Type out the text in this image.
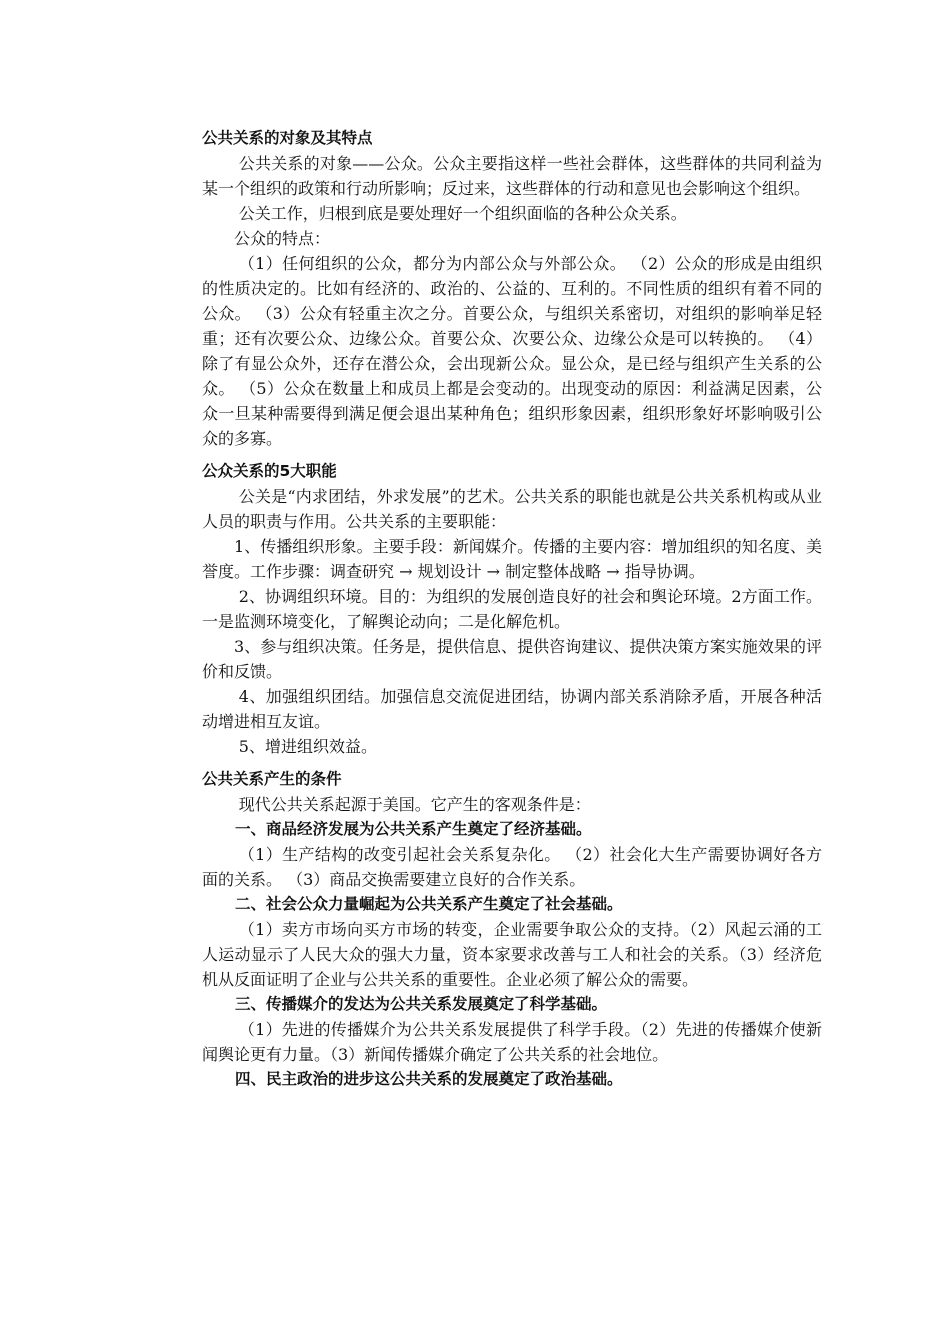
公共关系的对象及其特点

公共关系的对象——公众。公众主要指这样一些社会群体，这些群体的共同利益为某一个组织的政策和行动所影响；反过来，这些群体的行动和意见也会影响这个组织。

公关工作，归根到底是要处理好一个组织面临的各种公众关系。

公众的特点：

（1）任何组织的公众，都分为内部公众与外部公众。 （2）公众的形成是由组织的性质决定的。比如有经济的、政治的、公益的、互利的。不同性质的组织有着不同的公众。 （3）公众有轻重主次之分。首要公众，与组织关系密切，对组织的影响举足轻重；还有次要公众、边缘公众。首要公众、次要公众、边缘公众是可以转换的。 （4）除了有显公众外，还存在潜公众，会出现新公众。显公众，是已经与组织产生关系的公众。 （5）公众在数量上和成员上都是会变动的。出现变动的原因：利益满足因素，公众一旦某种需要得到满足便会退出某种角色；组织形象因素，组织形象好坏影响吸引公众的多寡。

公众关系的5大职能

公关是“内求团结，外求发展”的艺术。公共关系的职能也就是公共关系机构或从业人员的职责与作用。公共关系的主要职能：

1、传播组织形象。主要手段：新闻媒介。传播的主要内容：增加组织的知名度、美誉度。工作步骤：调查研究 → 规划设计 → 制定整体战略 → 指导协调。

2、协调组织环境。目的：为组织的发展创造良好的社会和舆论环境。2方面工作。一是监测环境变化，了解舆论动向；二是化解危机。

3、参与组织决策。任务是，提供信息、提供咨询建议、提供决策方案实施效果的评价和反馈。

4、加强组织团结。加强信息交流促进团结，协调内部关系消除矛盾，开展各种活动增进相互友谊。

5、增进组织效益。

公共关系产生的条件

现代公共关系起源于美国。它产生的客观条件是：

一、商品经济发展为公共关系产生奠定了经济基础。

（1）生产结构的改变引起社会关系复杂化。 （2）社会化大生产需要协调好各方面的关系。 （3）商品交换需要建立良好的合作关系。

二、社会公众力量崛起为公共关系产生奠定了社会基础。

（1）卖方市场向买方市场的转变，企业需要争取公众的支持。（2）风起云涌的工人运动显示了人民大众的强大力量，资本家要求改善与工人和社会的关系。（3）经济危机从反面证明了企业与公共关系的重要性。企业必须了解公众的需要。

三、传播媒介的发达为公共关系发展奠定了科学基础。

（1）先进的传播媒介为公共关系发展提供了科学手段。（2）先进的传播媒介使新闻舆论更有力量。（3）新闻传播媒介确定了公共关系的社会地位。

四、民主政治的进步这公共关系的发展奠定了政治基础。
